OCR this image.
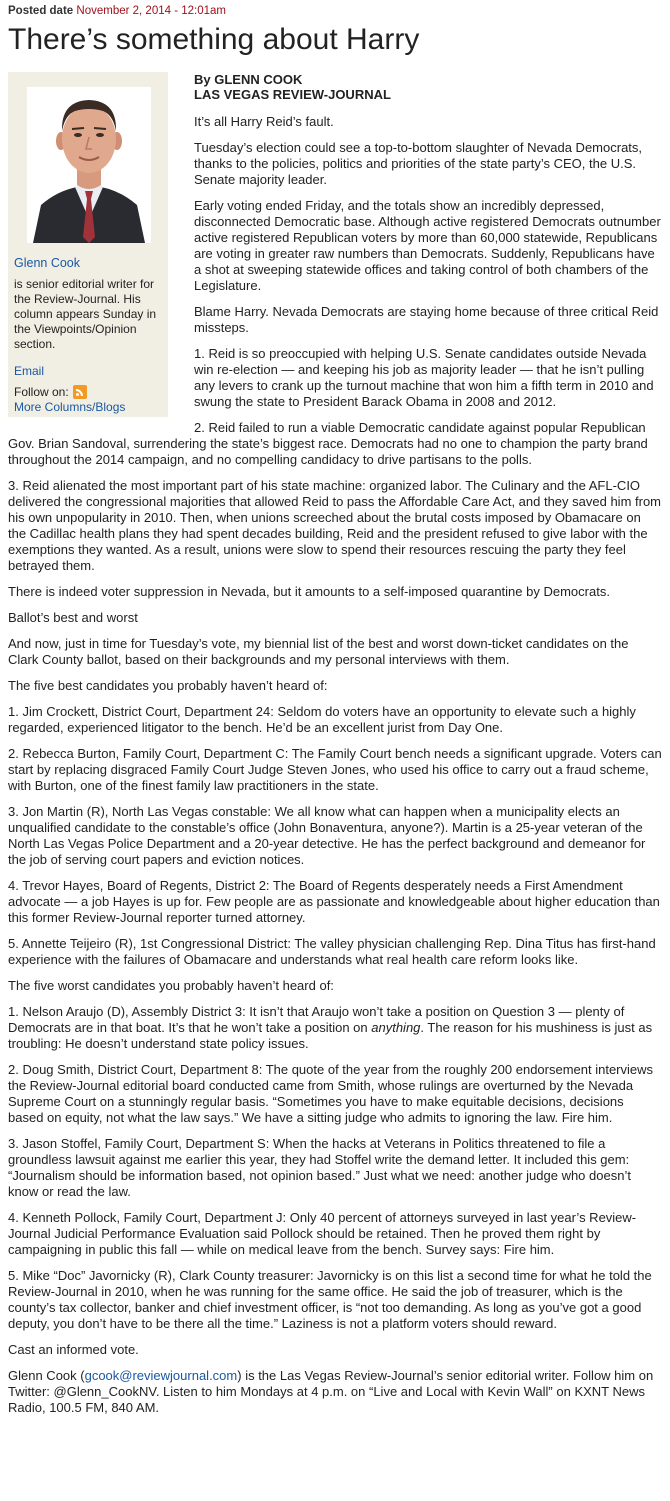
Posted date November 2, 2014 - 12:01am
There’s something about Harry
Glenn Cook
is senior editorial writer for the Review-Journal. His column appears Sunday in the Viewpoints/Opinion section.
Email
Follow on:
More Columns/Blogs
By GLENN COOK
LAS VEGAS REVIEW-JOURNAL

It’s all Harry Reid’s fault.

Tuesday’s election could see a top-to-bottom slaughter of Nevada Democrats, thanks to the policies, politics and priorities of the state party’s CEO, the U.S. Senate majority leader.

Early voting ended Friday, and the totals show an incredibly depressed, disconnected Democratic base. Although active registered Democrats outnumber active registered Republican voters by more than 60,000 statewide, Republicans are voting in greater raw numbers than Democrats. Suddenly, Republicans have a shot at sweeping statewide offices and taking control of both chambers of the Legislature.

Blame Harry. Nevada Democrats are staying home because of three critical Reid missteps.

1. Reid is so preoccupied with helping U.S. Senate candidates outside Nevada win re-election — and keeping his job as majority leader — that he isn’t pulling any levers to crank up the turnout machine that won him a fifth term in 2010 and swung the state to President Barack Obama in 2008 and 2012.

2. Reid failed to run a viable Democratic candidate against popular Republican Gov. Brian Sandoval, surrendering the state’s biggest race. Democrats had no one to champion the party brand throughout the 2014 campaign, and no compelling candidacy to drive partisans to the polls.

3. Reid alienated the most important part of his state machine: organized labor. The Culinary and the AFL-CIO delivered the congressional majorities that allowed Reid to pass the Affordable Care Act, and they saved him from his own unpopularity in 2010. Then, when unions screeched about the brutal costs imposed by Obamacare on the Cadillac health plans they had spent decades building, Reid and the president refused to give labor with the exemptions they wanted. As a result, unions were slow to spend their resources rescuing the party they feel betrayed them.

There is indeed voter suppression in Nevada, but it amounts to a self-imposed quarantine by Democrats.

Ballot’s best and worst

And now, just in time for Tuesday’s vote, my biennial list of the best and worst down-ticket candidates on the Clark County ballot, based on their backgrounds and my personal interviews with them.

The five best candidates you probably haven’t heard of:

1. Jim Crockett, District Court, Department 24: Seldom do voters have an opportunity to elevate such a highly regarded, experienced litigator to the bench. He’d be an excellent jurist from Day One.

2. Rebecca Burton, Family Court, Department C: The Family Court bench needs a significant upgrade. Voters can start by replacing disgraced Family Court Judge Steven Jones, who used his office to carry out a fraud scheme, with Burton, one of the finest family law practitioners in the state.

3. Jon Martin (R), North Las Vegas constable: We all know what can happen when a municipality elects an unqualified candidate to the constable’s office (John Bonaventura, anyone?). Martin is a 25-year veteran of the North Las Vegas Police Department and a 20-year detective. He has the perfect background and demeanor for the job of serving court papers and eviction notices.

4. Trevor Hayes, Board of Regents, District 2: The Board of Regents desperately needs a First Amendment advocate — a job Hayes is up for. Few people are as passionate and knowledgeable about higher education than this former Review-Journal reporter turned attorney.

5. Annette Teijeiro (R), 1st Congressional District: The valley physician challenging Rep. Dina Titus has first-hand experience with the failures of Obamacare and understands what real health care reform looks like.

The five worst candidates you probably haven’t heard of:

1. Nelson Araujo (D), Assembly District 3: It isn’t that Araujo won’t take a position on Question 3 — plenty of Democrats are in that boat. It’s that he won’t take a position on anything. The reason for his mushiness is just as troubling: He doesn’t understand state policy issues.

2. Doug Smith, District Court, Department 8: The quote of the year from the roughly 200 endorsement interviews the Review-Journal editorial board conducted came from Smith, whose rulings are overturned by the Nevada Supreme Court on a stunningly regular basis. “Sometimes you have to make equitable decisions, decisions based on equity, not what the law says.” We have a sitting judge who admits to ignoring the law. Fire him.

3. Jason Stoffel, Family Court, Department S: When the hacks at Veterans in Politics threatened to file a groundless lawsuit against me earlier this year, they had Stoffel write the demand letter. It included this gem: “Journalism should be information based, not opinion based.” Just what we need: another judge who doesn’t know or read the law.

4. Kenneth Pollock, Family Court, Department J: Only 40 percent of attorneys surveyed in last year’s Review-Journal Judicial Performance Evaluation said Pollock should be retained. Then he proved them right by campaigning in public this fall — while on medical leave from the bench. Survey says: Fire him.

5. Mike “Doc” Javornicky (R), Clark County treasurer: Javornicky is on this list a second time for what he told the Review-Journal in 2010, when he was running for the same office. He said the job of treasurer, which is the county’s tax collector, banker and chief investment officer, is “not too demanding. As long as you’ve got a good deputy, you don’t have to be there all the time.” Laziness is not a platform voters should reward.

Cast an informed vote.

Glenn Cook (gcook@reviewjournal.com) is the Las Vegas Review-Journal’s senior editorial writer. Follow him on Twitter: @Glenn_CookNV. Listen to him Mondays at 4 p.m. on “Live and Local with Kevin Wall” on KXNT News Radio, 100.5 FM, 840 AM.
